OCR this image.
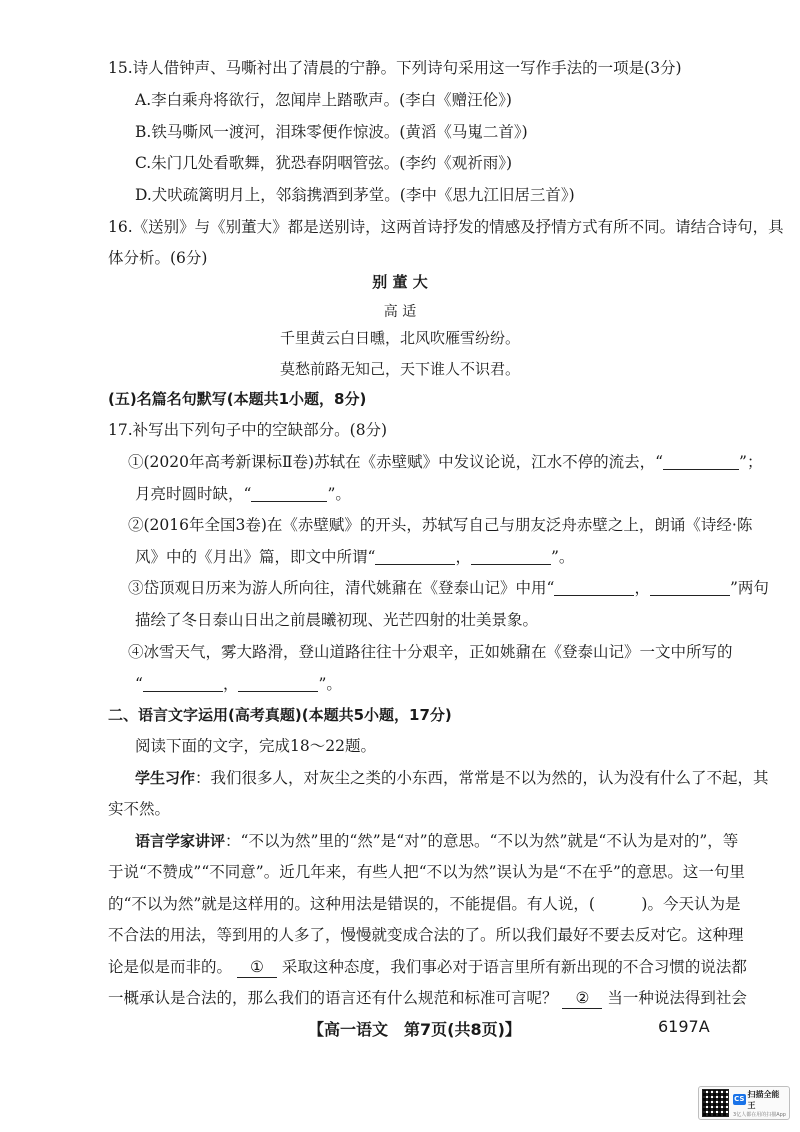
15.诗人借钟声、马嘶衬出了清晨的宁静。下列诗句采用这一写作手法的一项是(3分)
A.李白乘舟将欲行，忽闻岸上踏歌声。(李白《赠汪伦》)
B.铁马嘶风一渡河，泪珠零便作惊波。(黄滔《马嵬二首》)
C.朱门几处看歌舞，犹恐春阴咽管弦。(李约《观祈雨》)
D.犬吠疏篱明月上，邻翁携酒到茅堂。(李中《思九江旧居三首》)
16.《送别》与《别董大》都是送别诗，这两首诗抒发的情感及抒情方式有所不同。请结合诗句，具
体分析。(6分)
别 董 大
高 适
千里黄云白日曛，北风吹雁雪纷纷。
莫愁前路无知己，天下谁人不识君。
(五)名篇名句默写(本题共1小题，8分)
17.补写出下列句子中的空缺部分。(8分)
①(2020年高考新课标Ⅱ卷)苏轼在《赤壁赋》中发议论说，江水不停的流去，“	”；
月亮时圆时缺，“	”。
②(2016年全国3卷)在《赤壁赋》的开头，苏轼写自己与朋友泛舟赤壁之上，朗诵《诗经·陈
风》中的《月出》篇，即文中所谓“	，	”。
③岱顶观日历来为游人所向往，清代姚鼐在《登泰山记》中用“	，	”两句
描绘了冬日泰山日出之前晨曦初现、光芒四射的壮美景象。
④冰雪天气，雾大路滑，登山道路往往十分艰辛，正如姚鼐在《登泰山记》一文中所写的
“	，	”。
二、语言文字运用(高考真题)(本题共5小题，17分)
阅读下面的文字，完成18～22题。
学生习作：我们很多人，对灰尘之类的小东西，常常是不以为然的，认为没有什么了不起，其
实不然。
语言学家讲评：“不以为然”里的“然”是“对”的意思。“不以为然”就是“不认为是对的”，等
于说“不赞成”“不同意”。近几年来，有些人把“不以为然”误认为是“不在乎”的意思。这一句里
的“不以为然”就是这样用的。这种用法是错误的，不能提倡。有人说，(　　　)。今天认为是
不合法的用法，等到用的人多了，慢慢就变成合法的了。所以我们最好不要去反对它。这种理
论是似是而非的。 ① 采取这种态度，我们事必对于语言里所有新出现的不合习惯的说法都
一概承认是合法的，那么我们的语言还有什么规范和标准可言呢？ ② 当一种说法得到社会
【高一语文　第7页(共8页)】	6197A
CS
扫描全能王
3亿人都在用的扫描App
